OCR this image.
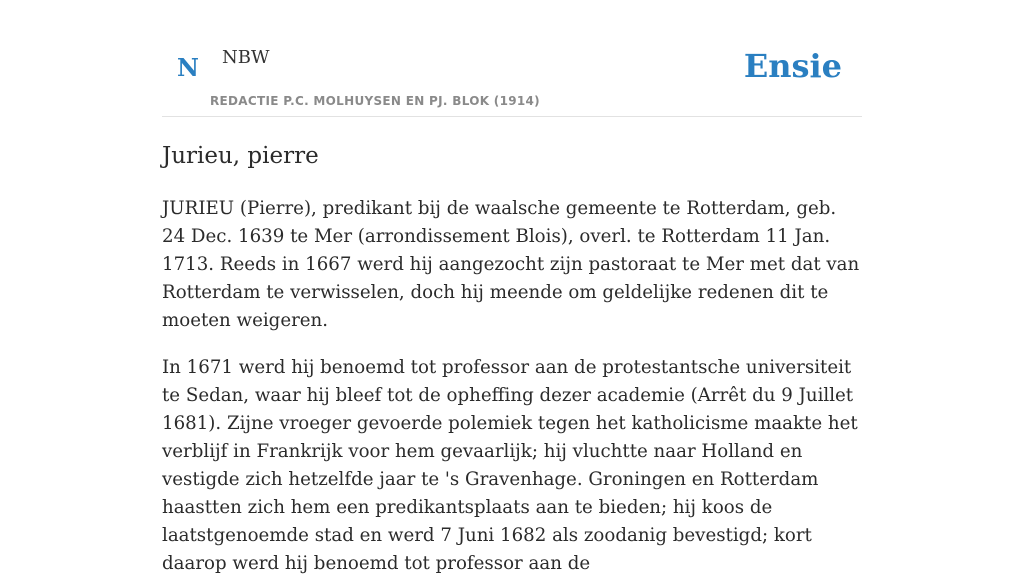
N NBW
REDACTIE P.C. MOLHUYSEN EN PJ. BLOK (1914)
Ensie
Jurieu, pierre

JURIEU (Pierre), predikant bij de waalsche gemeente te Rotterdam, geb. 24 Dec. 1639 te Mer (arrondissement Blois), overl. te Rotterdam 11 Jan. 1713. Reeds in 1667 werd hij aangezocht zijn pastoraat te Mer met dat van Rotterdam te verwisselen, doch hij meende om geldelijke redenen dit te moeten weigeren.

In 1671 werd hij benoemd tot professor aan de protestantsche universiteit te Sedan, waar hij bleef tot de opheffing dezer academie (Arrêt du 9 Juillet 1681). Zijne vroeger gevoerde polemiek tegen het katholicisme maakte het verblijf in Frankrijk voor hem gevaarlijk; hij vluchtte naar Holland en vestigde zich hetzelfde jaar te 's Gravenhage. Groningen en Rotterdam haastten zich hem een predikantsplaats aan te bieden; hij koos de laatstgenoemde stad en werd 7 Juni 1682 als zoodanig bevestigd; kort daarop werd hij benoemd tot professor aan de
